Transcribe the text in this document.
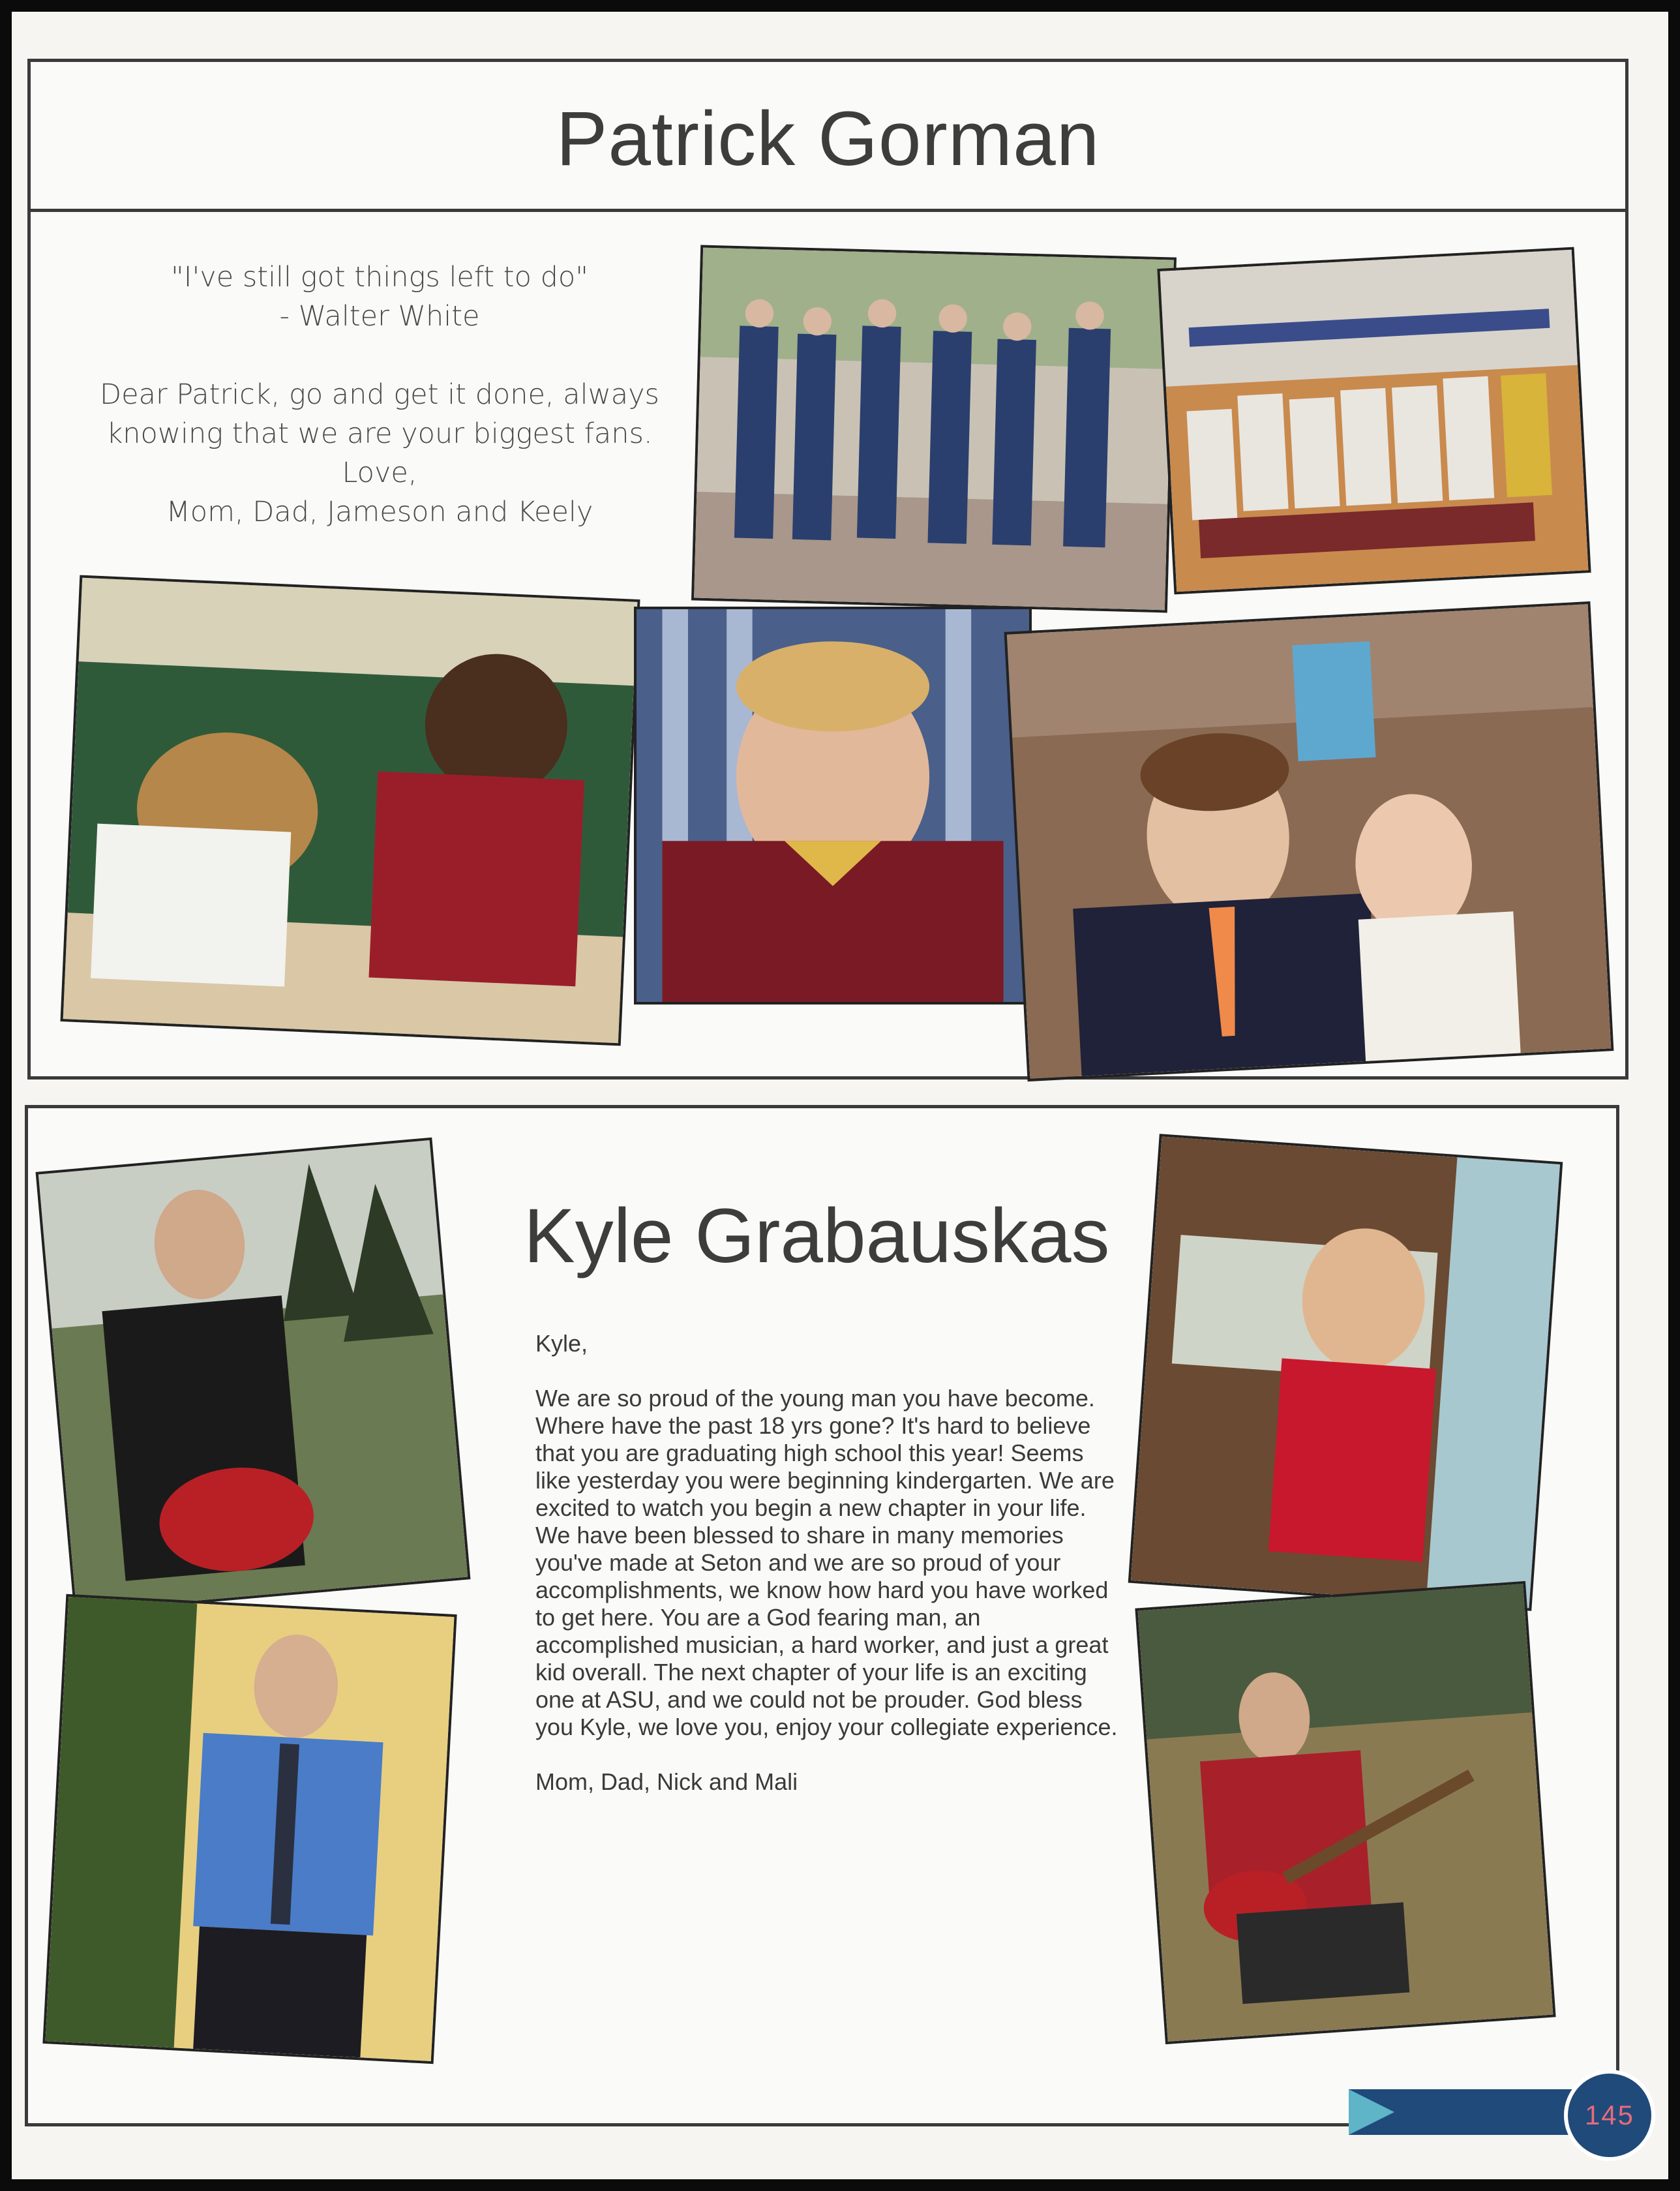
Patrick Gorman
"I've still got things left to do"
- Walter White
Dear Patrick, go and get it done, always
knowing that we are your biggest fans.
Love,
Mom, Dad, Jameson and Keely
Kyle Grabauskas

Kyle,

We are so proud of the young man you have become. Where have the past 18 yrs gone? It's hard to believe that you are graduating high school this year! Seems like yesterday you were beginning kindergarten. We are excited to watch you begin a new chapter in your life. We have been blessed to share in many memories you've made at Seton and we are so proud of your accomplishments, we know how hard you have worked to get here. You are a God fearing man, an accomplished musician, a hard worker, and just a great kid overall. The next chapter of your life is an exciting one at ASU, and we could not be prouder. God bless you Kyle, we love you, enjoy your collegiate experience.

Mom, Dad, Nick and Mali

145
